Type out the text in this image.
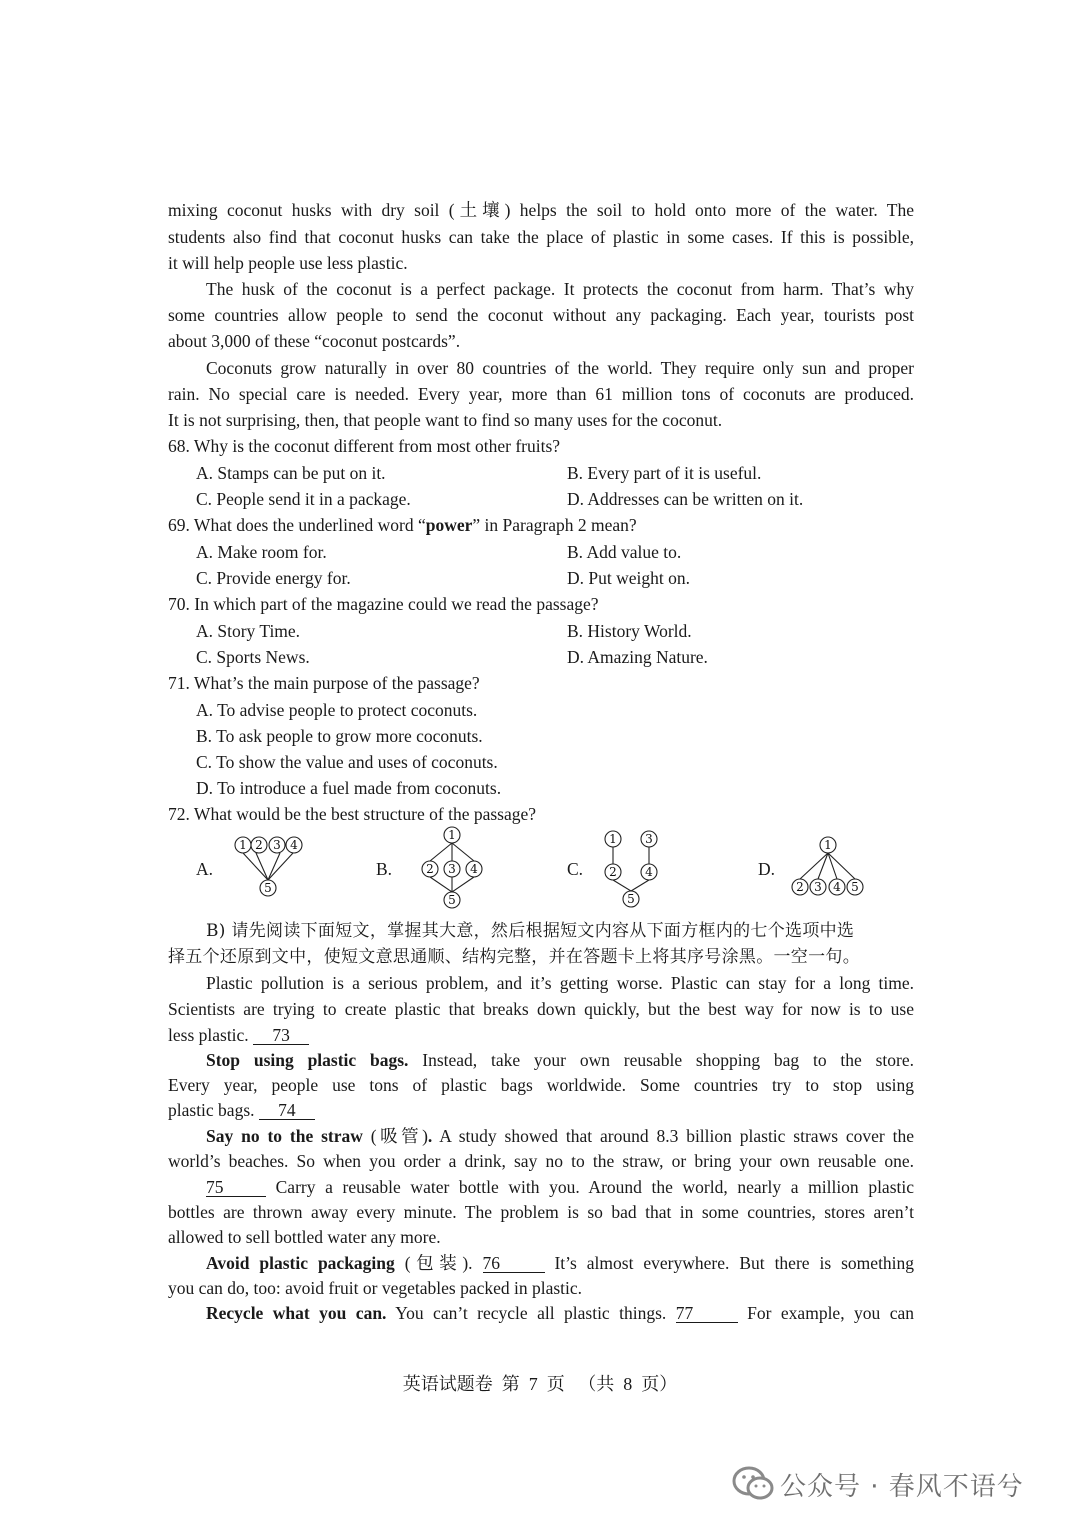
mixing coconut husks with dry soil (土壤) helps the soil to hold onto more of the water. The
students also find that coconut husks can take the place of plastic in some cases. If this is possible,
it will help people use less plastic.
The husk of the coconut is a perfect package. It protects the coconut from harm. That’s why
some countries allow people to send the coconut without any packaging. Each year, tourists post
about 3,000 of these “coconut postcards”.
Coconuts grow naturally in over 80 countries of the world. They require only sun and proper
rain. No special care is needed. Every year, more than 61 million tons of coconuts are produced.
It is not surprising, then, that people want to find so many uses for the coconut.
68. Why is the coconut different from most other fruits?
A. Stamps can be put on it.	B. Every part of it is useful.
C. People send it in a package.	D. Addresses can be written on it.
69. What does the underlined word “power” in Paragraph 2 mean?
A. Make room for.	B. Add value to.
C. Provide energy for.	D. Put weight on.
70. In which part of the magazine could we read the passage?
A. Story Time.	B. History World.
C. Sports News.	D. Amazing Nature.
71. What’s the main purpose of the passage?
A. To advise people to protect coconuts.
B. To ask people to grow more coconuts.
C. To show the value and uses of coconuts.
D. To introduce a fuel made from coconuts.
72. What would be the best structure of the passage?
A.	B.	C.	D.
1 2 3 4
5
1
2 3 4
5
1 3
2 4
5
1
2 3 4 5
B) 请先阅读下面短文，掌握其大意，然后根据短文内容从下面方框内的七个选项中选
择五个还原到文中，使短文意思通顺、结构完整，并在答题卡上将其序号涂黑。一空一句。
Plastic pollution is a serious problem, and it’s getting worse. Plastic can stay for a long time.
Scientists are trying to create plastic that breaks down quickly, but the best way for now is to use
less plastic. 73
Stop using plastic bags. Instead, take your own reusable shopping bag to the store.
Every year, people use tons of plastic bags worldwide. Some countries try to stop using
plastic bags. 74
Say no to the straw (吸管). A study showed that around 8.3 billion plastic straws cover the
world’s beaches. So when you order a drink, say no to the straw, or bring your own reusable one.
75 Carry a reusable water bottle with you. Around the world, nearly a million plastic
bottles are thrown away every minute. The problem is so bad that in some countries, stores aren’t
allowed to sell bottled water any more.
Avoid plastic packaging (包装). 76	It’s almost everywhere. But there is something
you can do, too: avoid fruit or vegetables packed in plastic.
Recycle what you can. You can’t recycle all plastic things. 77	For example, you can
英语试题卷  第  7  页   （共  8  页）
公众号 · 春风不语兮
